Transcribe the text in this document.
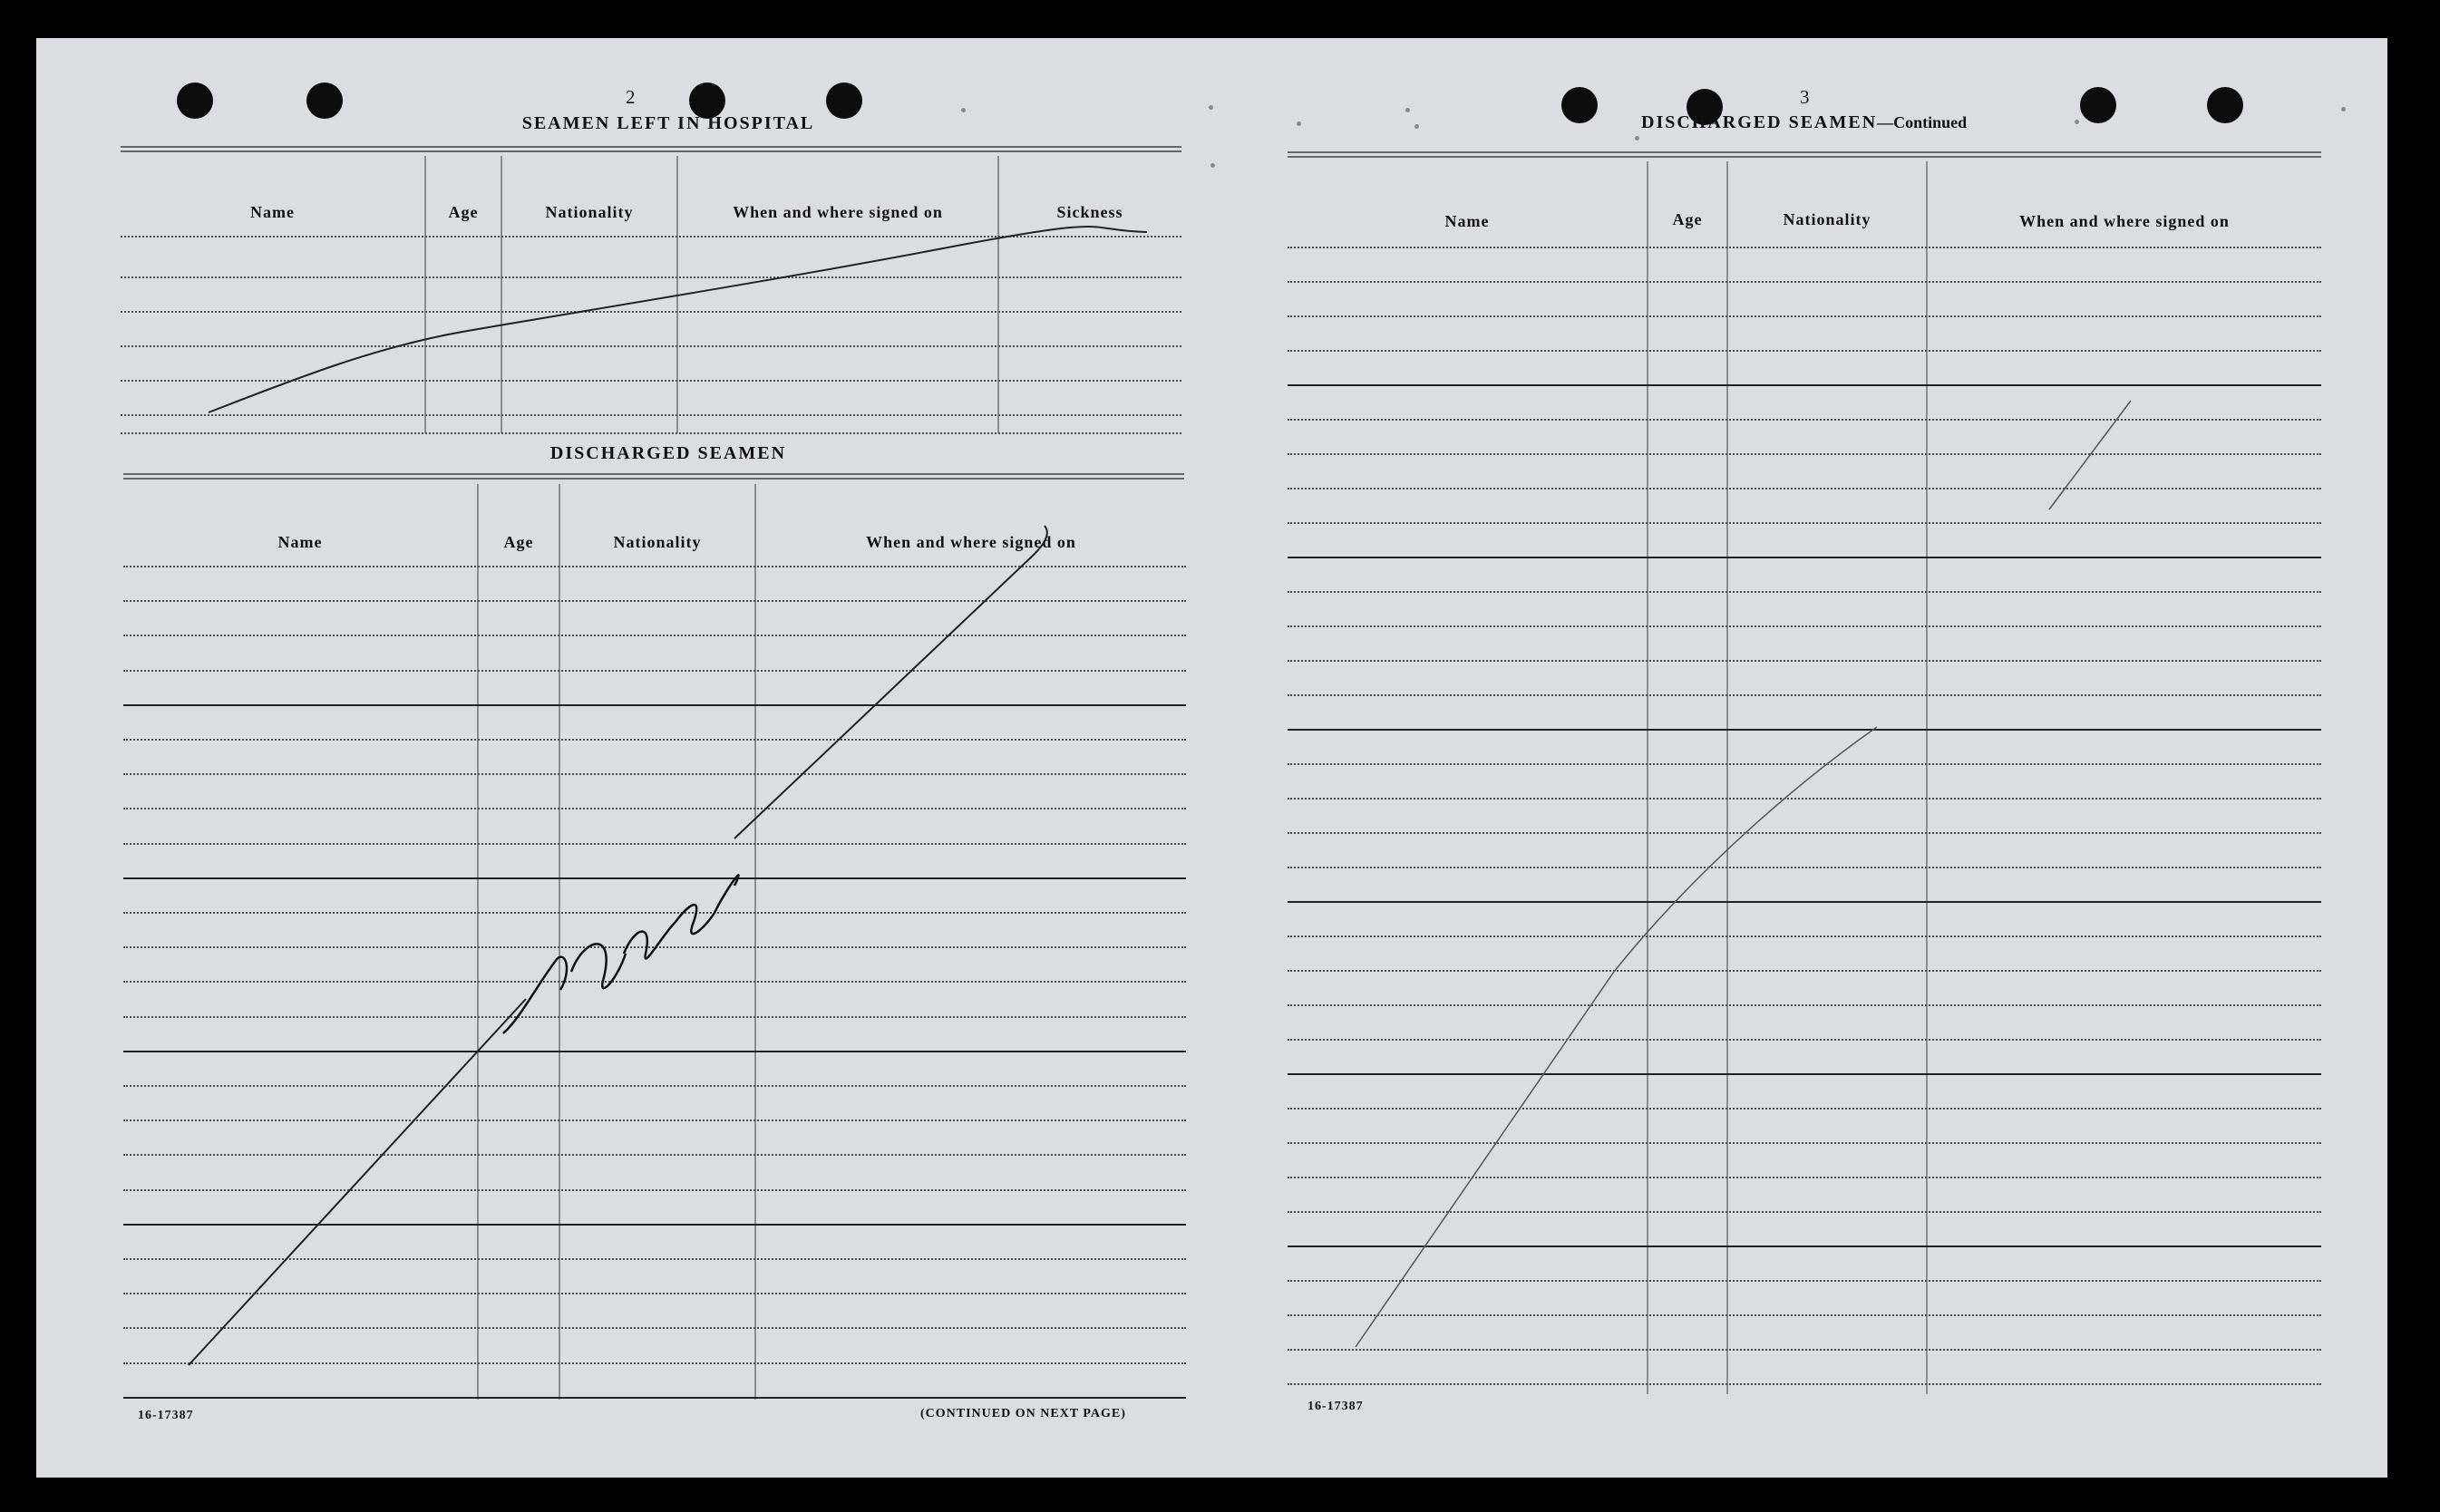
2
SEAMEN LEFT IN HOSPITAL
Name	Age	Nationality	When and where signed on	Sickness
DISCHARGED SEAMEN
Name	Age	Nationality	When and where signed on
16-17387	(CONTINUED ON NEXT PAGE)
3
DISCHARGED SEAMEN—Continued
Name	Age	Nationality	When and where signed on
16-17387
